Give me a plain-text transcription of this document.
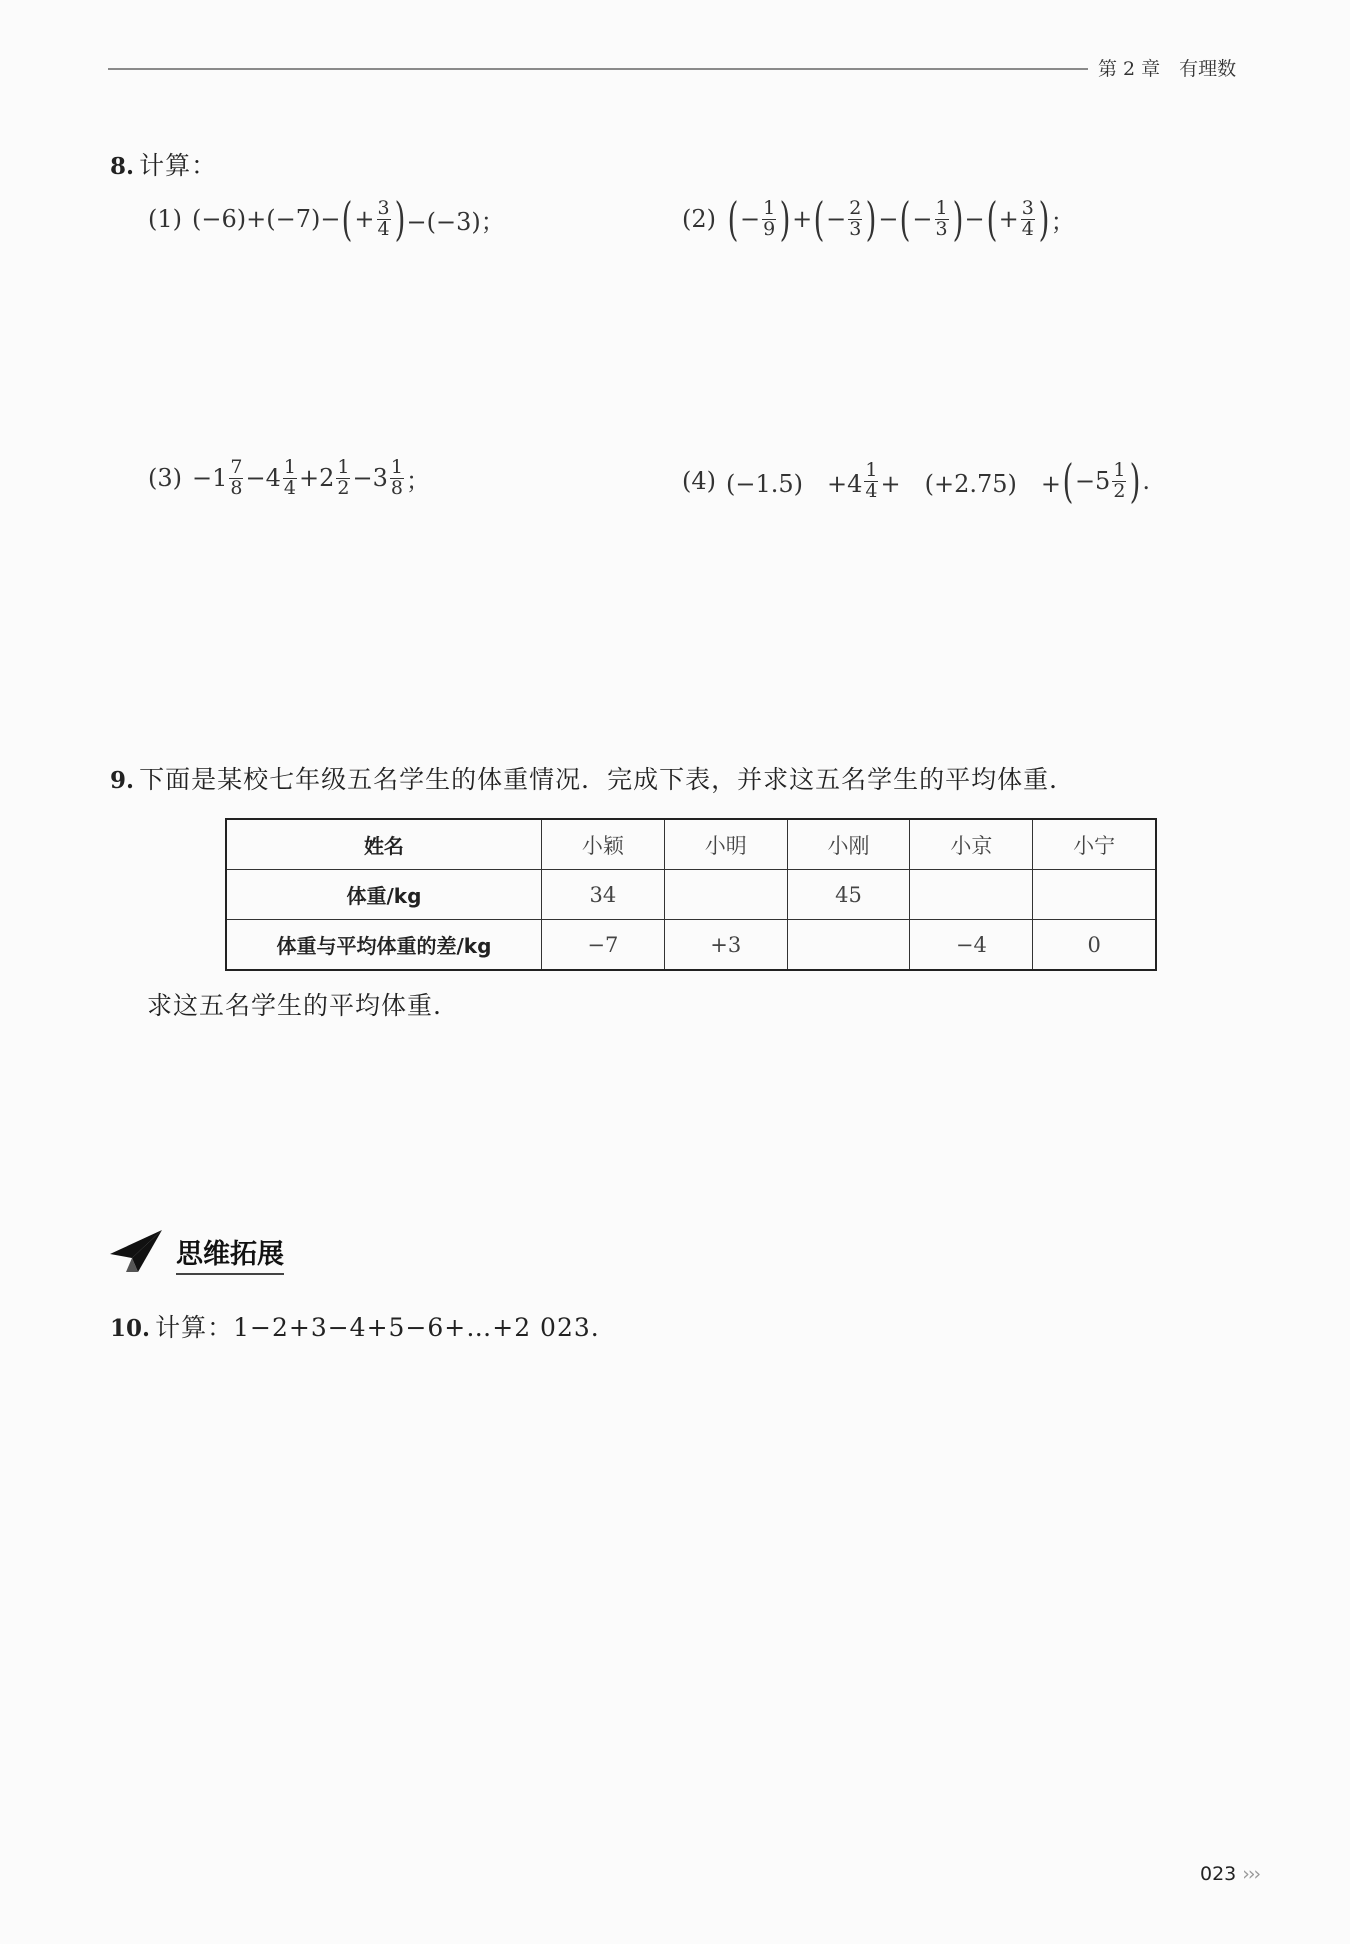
第 2 章　有理数
8. 计算：
(1) (−6)+(−7)− ( + $\frac{3}{4}$ ) −(−3)；	(2) ( − $\frac{1}{9}$ ) + ( − $\frac{2}{3}$ ) − ( − $\frac{1}{3}$ ) − ( + $\frac{3}{4}$ ) ；
$(3) -1 \frac{7}{8} -4 \frac{1}{4} +2 \frac{1}{2} -3 \frac{1}{8}$ ；	(4) (−1.5)　$+4 \frac{1}{4}$ +　(+2.75)　+ ( $-5 \frac{1}{2}$ ) .
9. 下面是某校七年级五名学生的体重情况．完成下表，并求这五名学生的平均体重．
姓名	小颖	小明	小刚	小京	小宁
体重/kg	34		45		
体重与平均体重的差/kg	−7	+3		−4	0
求这五名学生的平均体重.
思维拓展
10. 计算：1−2+3−4+5−6+…+2 023.
023 ›››
